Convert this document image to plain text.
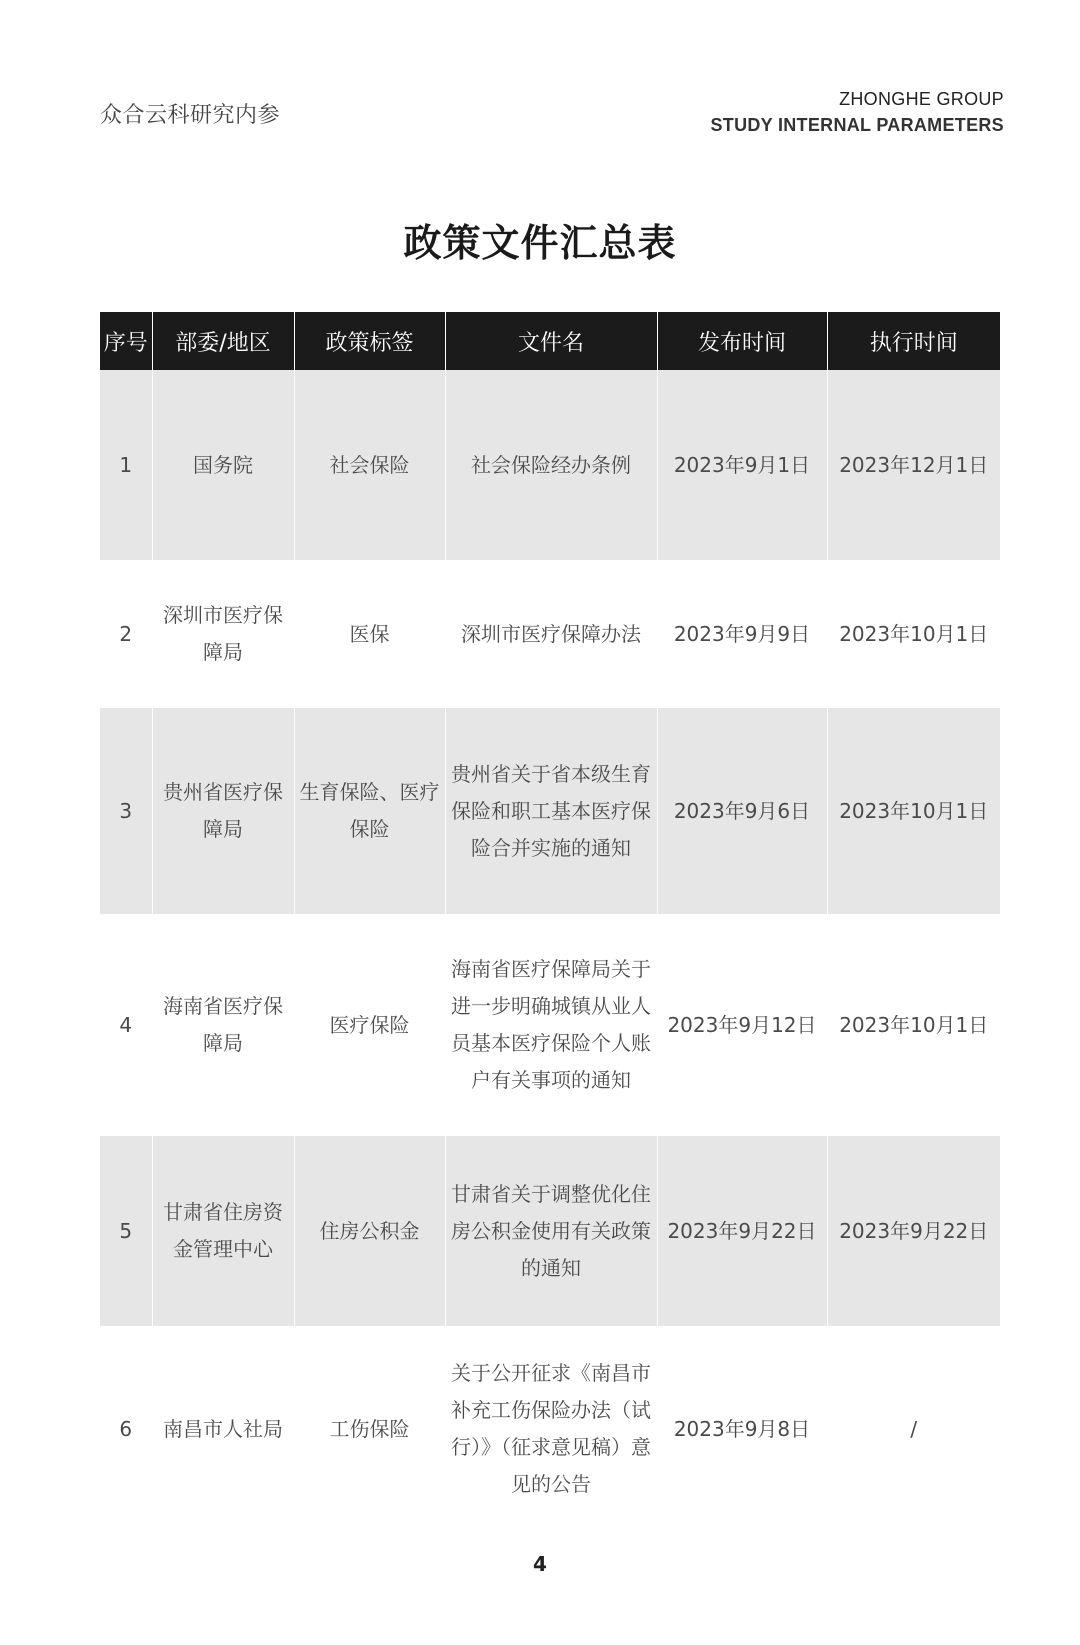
众合云科研究内参
ZHONGHE GROUP
STUDY INTERNAL PARAMETERS
政策文件汇总表
序号	部委/地区	政策标签	文件名	发布时间	执行时间
1	国务院	社会保险	社会保险经办条例	2023年9月1日	2023年12月1日
2	深圳市医疗保障局	医保	深圳市医疗保障办法	2023年9月9日	2023年10月1日
3	贵州省医疗保障局	生育保险、医疗保险	贵州省关于省本级生育保险和职工基本医疗保险合并实施的通知	2023年9月6日	2023年10月1日
4	海南省医疗保障局	医疗保险	海南省医疗保障局关于进一步明确城镇从业人员基本医疗保险个人账户有关事项的通知	2023年9月12日	2023年10月1日
5	甘肃省住房资金管理中心	住房公积金	甘肃省关于调整优化住房公积金使用有关政策的通知	2023年9月22日	2023年9月22日
6	南昌市人社局	工伤保险	关于公开征求《南昌市补充工伤保险办法（试行）》（征求意见稿）意见的公告	2023年9月8日	/
4
